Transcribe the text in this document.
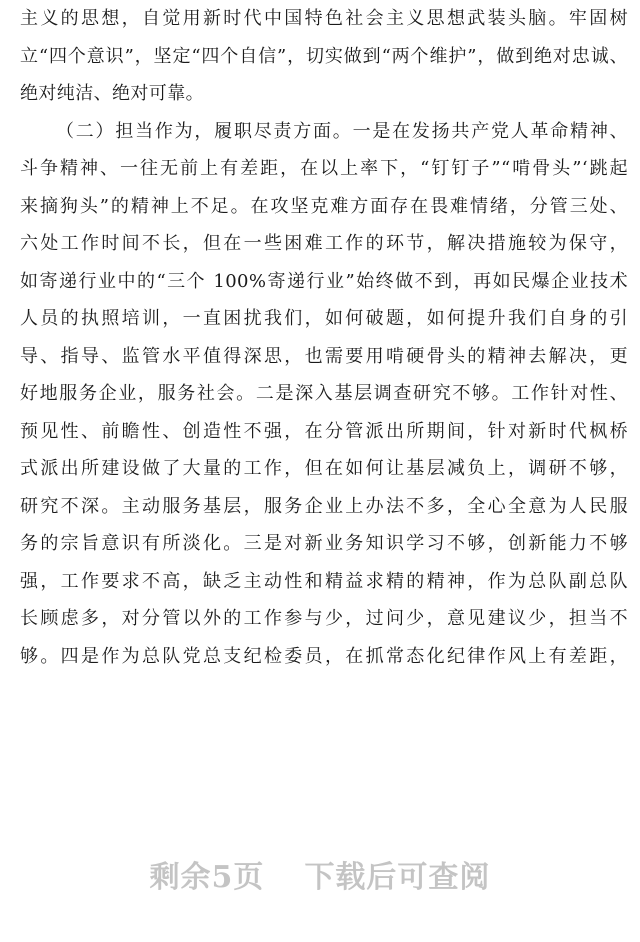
主义的思想，自觉用新时代中国特色社会主义思想武装头脑。牢固树
立“四个意识”，坚定“四个自信”，切实做到“两个维护”，做到绝对忠诚、
绝对纯洁、绝对可靠。
（二）担当作为，履职尽责方面。一是在发扬共产党人革命精神、
斗争精神、一往无前上有差距，在以上率下，“钉钉子”“啃骨头”‘跳起
来摘狗头”的精神上不足。在攻坚克难方面存在畏难情绪，分管三处、
六处工作时间不长，但在一些困难工作的环节，解决措施较为保守，
如寄递行业中的“三个 100%寄递行业”始终做不到，再如民爆企业技术
人员的执照培训，一直困扰我们，如何破题，如何提升我们自身的引
导、指导、监管水平值得深思，也需要用啃硬骨头的精神去解决，更
好地服务企业，服务社会。二是深入基层调查研究不够。工作针对性、
预见性、前瞻性、创造性不强，在分管派出所期间，针对新时代枫桥
式派出所建设做了大量的工作，但在如何让基层减负上，调研不够，
研究不深。主动服务基层，服务企业上办法不多，全心全意为人民服
务的宗旨意识有所淡化。三是对新业务知识学习不够，创新能力不够
强，工作要求不高，缺乏主动性和精益求精的精神，作为总队副总队
长顾虑多，对分管以外的工作参与少，过问少，意见建议少，担当不
够。四是作为总队党总支纪检委员，在抓常态化纪律作风上有差距，
剩余5页 下载后可查阅
